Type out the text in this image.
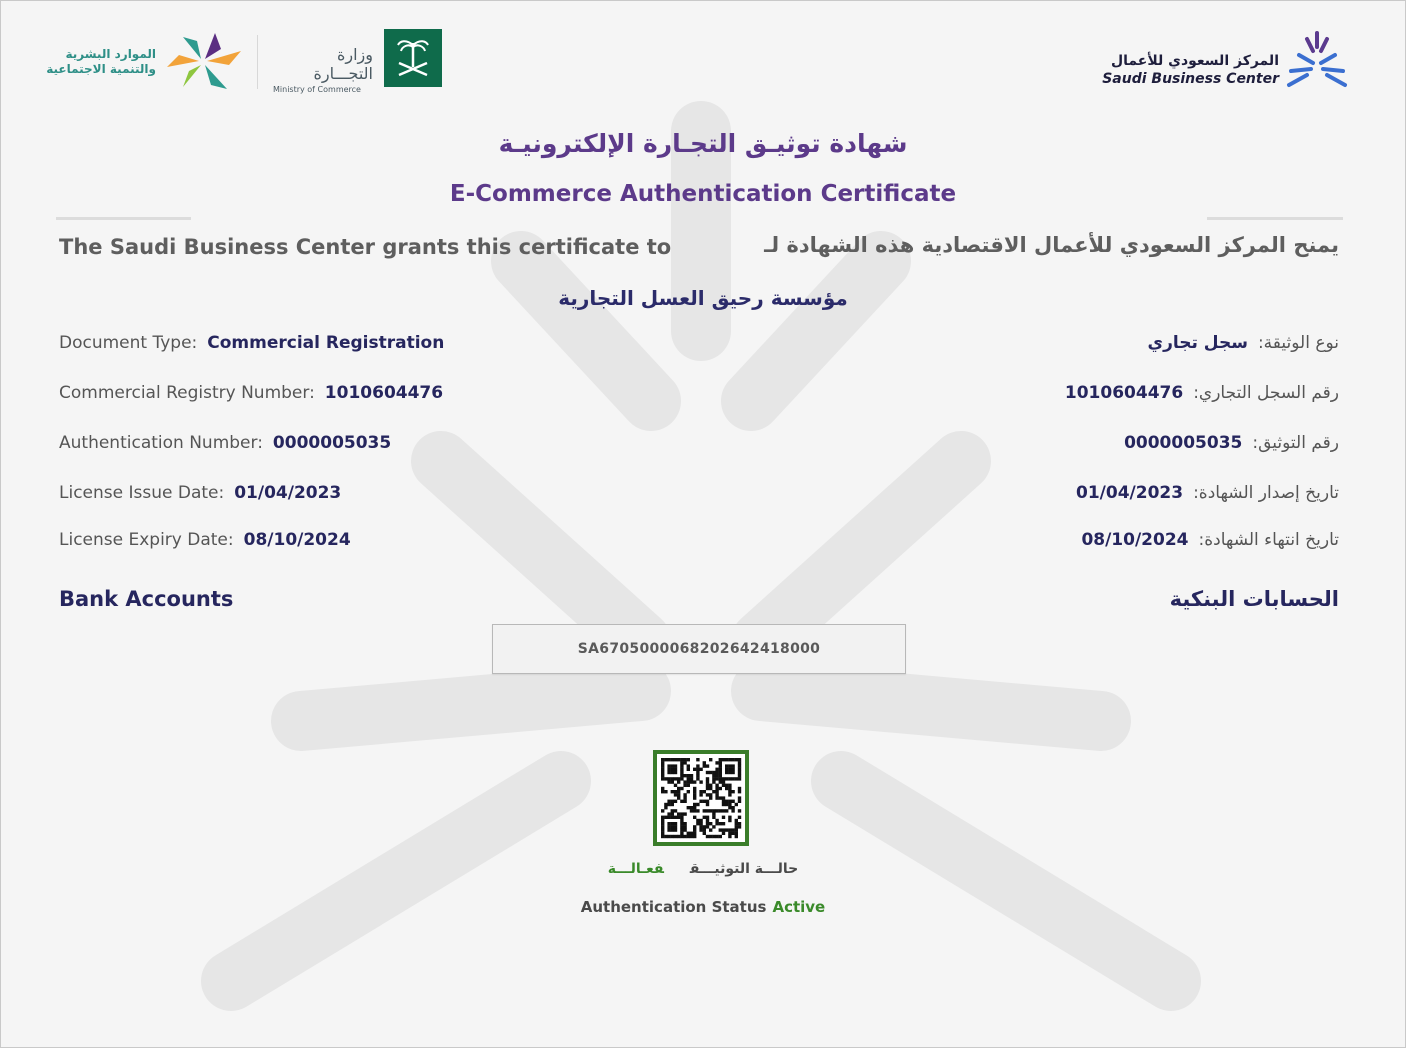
الموارد البشرية
والتنمية الاجتماعية
وزارة التجـــارة
Ministry of Commerce
المركز السعودي للأعمال
Saudi Business Center
شهادة توثيـق التجـارة الإلكترونيـة
E-Commerce Authentication Certificate
The Saudi Business Center grants this certificate to	يمنح المركز السعودي للأعمال الاقتصادية هذه الشهادة لـ
مؤسسة رحيق العسل التجارية
Document Type: Commercial Registration
Commercial Registry Number: 1010604476
Authentication Number: 0000005035
License Issue Date: 01/04/2023
License Expiry Date: 08/10/2024
نوع الوثيقة:سجل تجاري
رقم السجل التجاري:1010604476
رقم التوثيق:0000005035
تاريخ إصدار الشهادة:01/04/2023
تاريخ انتهاء الشهادة:08/10/2024
Bank Accounts	الحسابات البنكية
SA6705000068202642418000
حالـــة التوثيـــقفعـالـــة
Authentication Status Active
